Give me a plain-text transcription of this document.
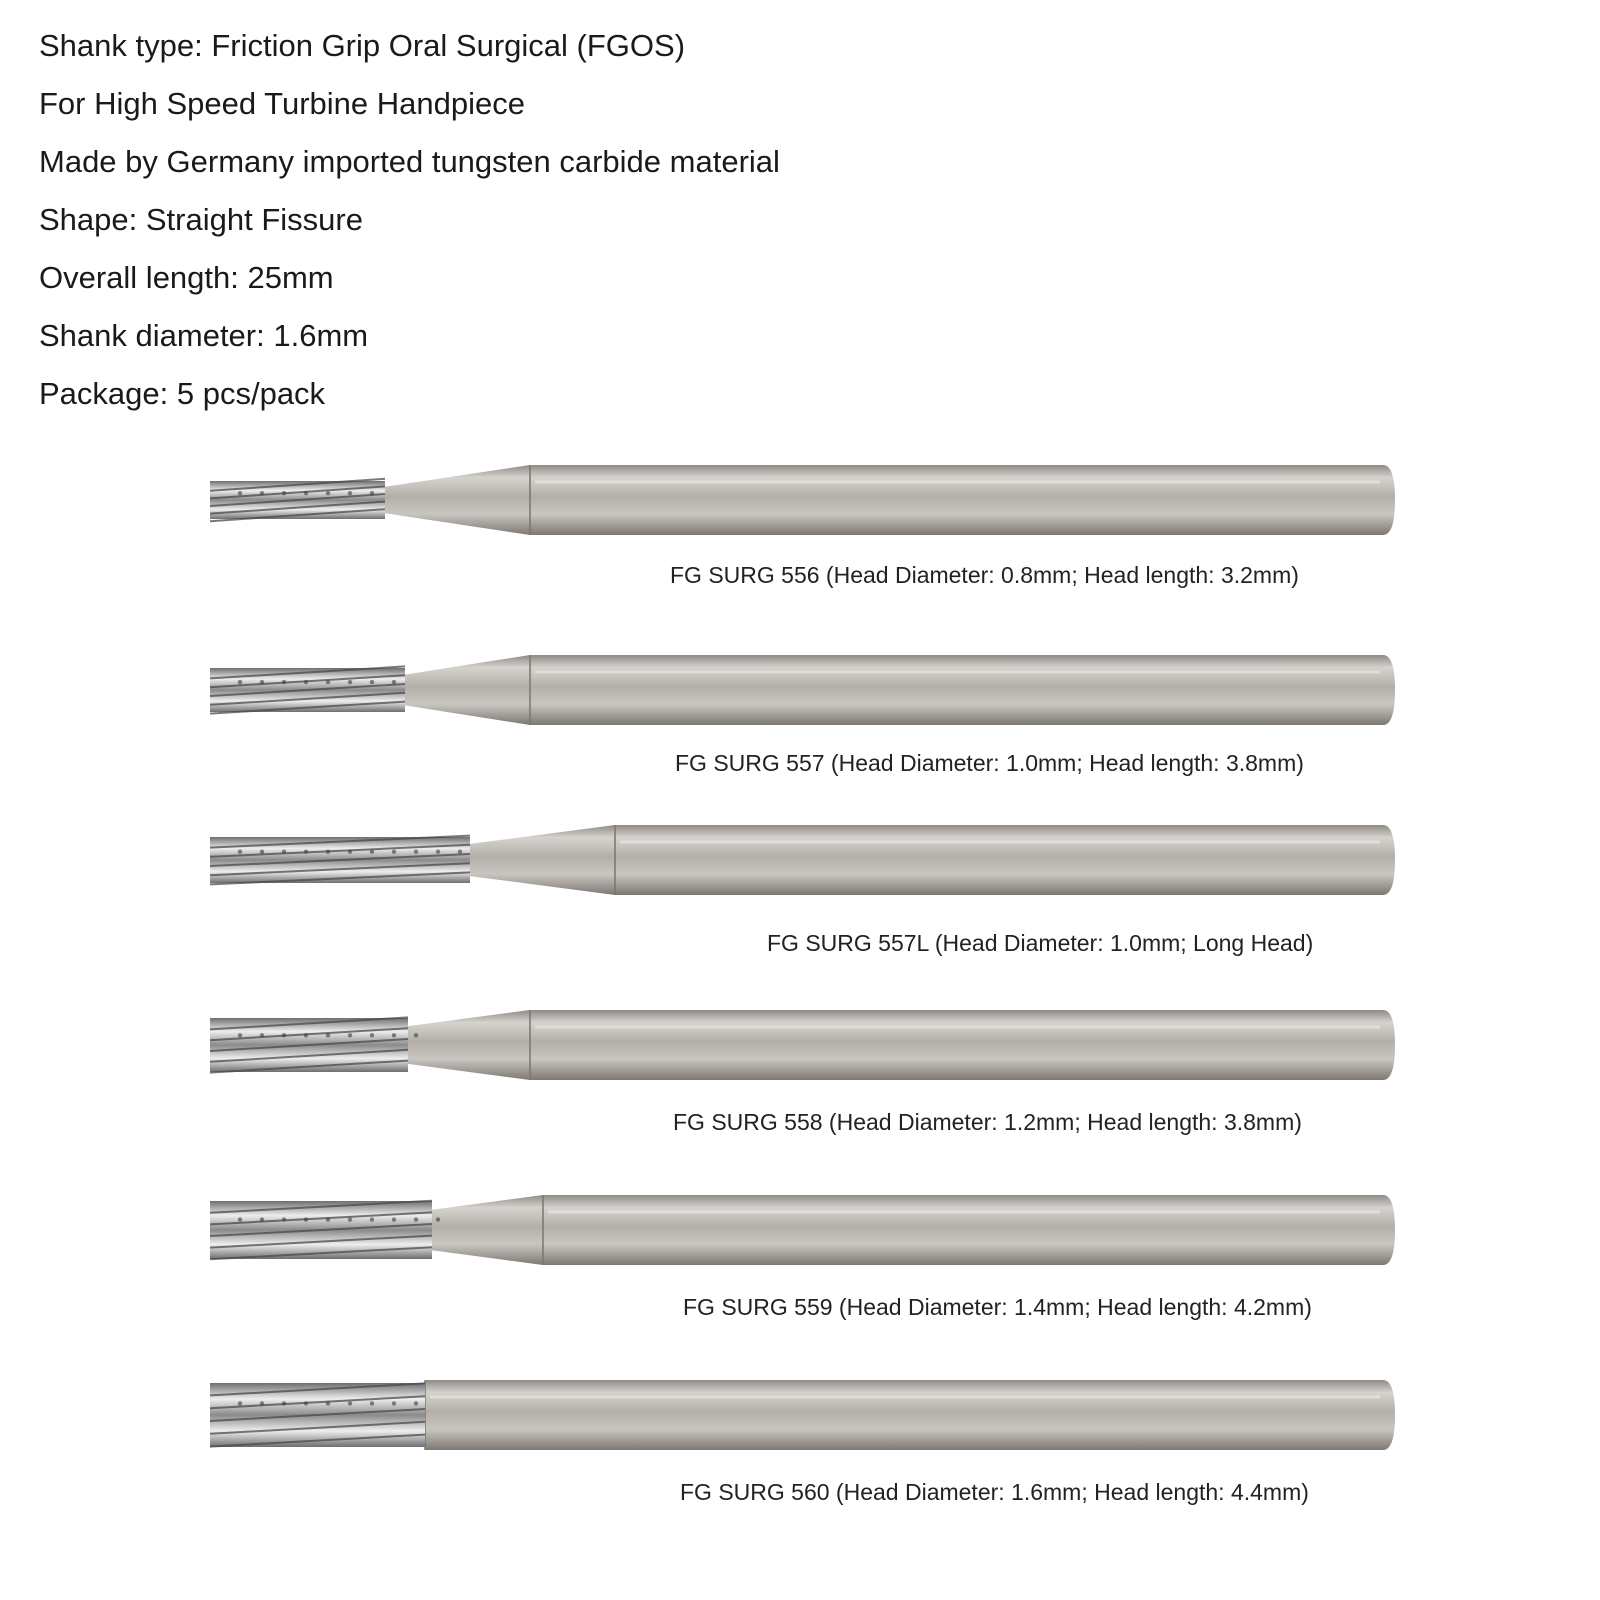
Shank type: Friction Grip Oral Surgical (FGOS)
For High Speed Turbine Handpiece
Made by Germany imported tungsten carbide material
Shape: Straight Fissure
Overall length: 25mm
Shank diameter: 1.6mm
Package: 5 pcs/pack
FG SURG 556 (Head Diameter: 0.8mm; Head length: 3.2mm)
FG SURG 557 (Head Diameter: 1.0mm; Head length: 3.8mm)
FG SURG 557L (Head Diameter: 1.0mm; Long Head)
FG SURG 558 (Head Diameter: 1.2mm; Head length: 3.8mm)
FG SURG 559 (Head Diameter: 1.4mm; Head length: 4.2mm)
FG SURG 560 (Head Diameter: 1.6mm; Head length: 4.4mm)
